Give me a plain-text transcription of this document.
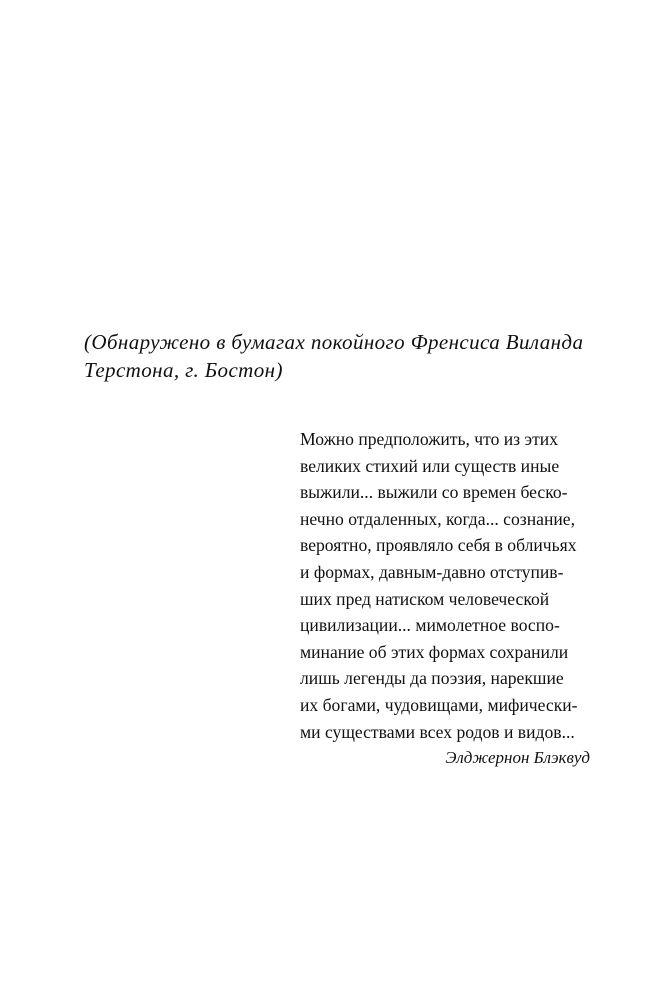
(Обнаружено в бумагах покойного Френсиса Виланда
Терстона, г. Бостон)
Можно предположить, что из этих
великих стихий или существ иные
выжили... выжили со времен беско-
нечно отдаленных, когда... сознание,
вероятно, проявляло себя в обличьях
и формах, давным-давно отступив-
ших пред натиском человеческой
цивилизации... мимолетное воспо-
минание об этих формах сохранили
лишь легенды да поэзия, нарекшие
их богами, чудовищами, мифически-
ми существами всех родов и видов...
Элджернон Блэквуд
